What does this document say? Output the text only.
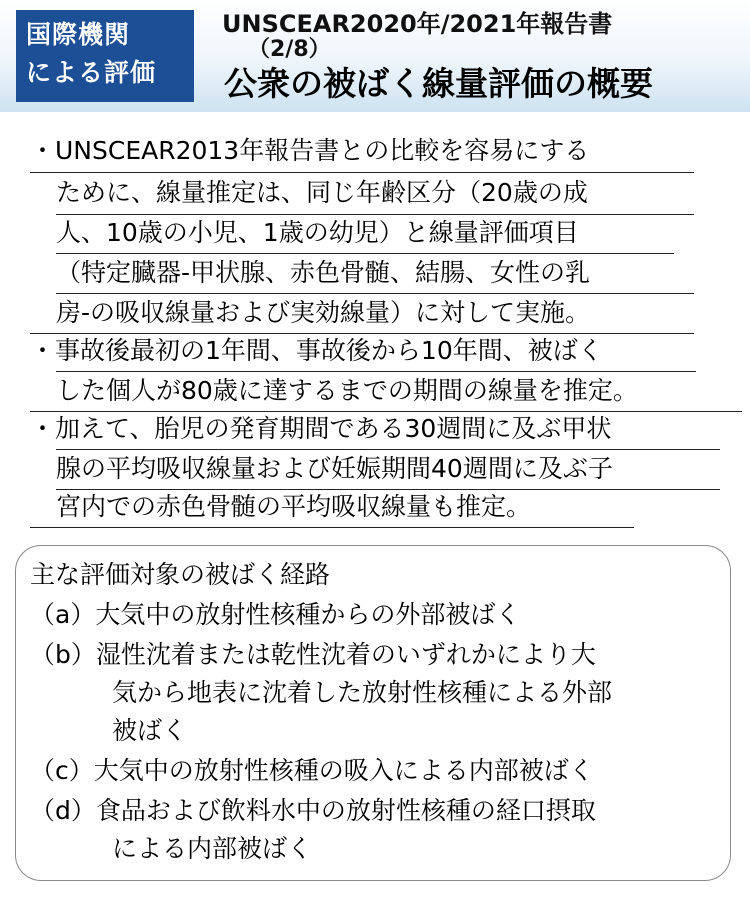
国際機関
による評価
UNSCEAR2020年/2021年報告書
（2/8）
公衆の被ばく線量評価の概要
・UNSCEAR2013年報告書との比較を容易にする
ために、線量推定は、同じ年齢区分（20歳の成
人、10歳の小児、1歳の幼児）と線量評価項目
（特定臓器-甲状腺、赤色骨髄、結腸、女性の乳
房-の吸収線量および実効線量）に対して実施。
・事故後最初の1年間、事故後から10年間、被ばく
した個人が80歳に達するまでの期間の線量を推定。
・加えて、胎児の発育期間である30週間に及ぶ甲状
腺の平均吸収線量および妊娠期間40週間に及ぶ子
宮内での赤色骨髄の平均吸収線量も推定。
主な評価対象の被ばく経路
（a）大気中の放射性核種からの外部被ばく
（b）湿性沈着または乾性沈着のいずれかにより大
気から地表に沈着した放射性核種による外部
被ばく
（c）大気中の放射性核種の吸入による内部被ばく
（d）食品および飲料水中の放射性核種の経口摂取
による内部被ばく
